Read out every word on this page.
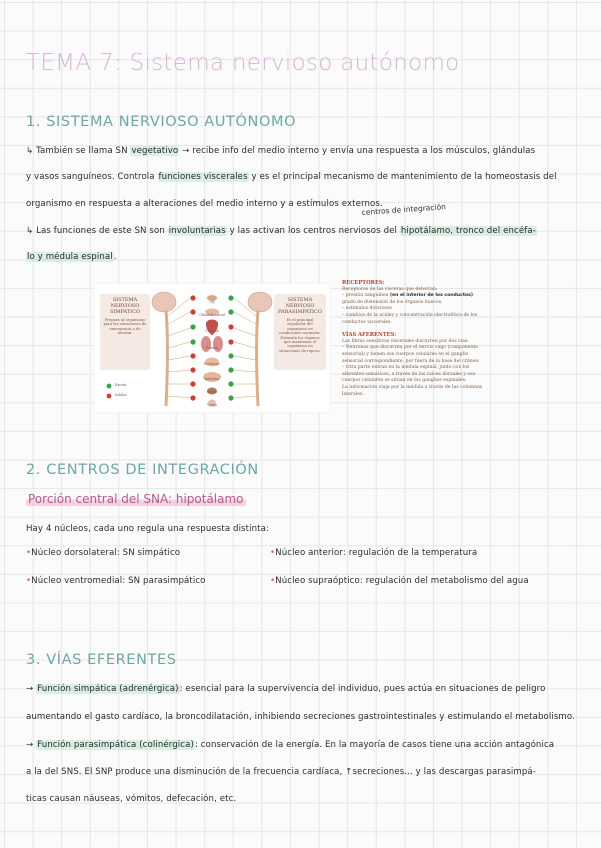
TEMA 7: Sistema nervioso autónomo
1. SISTEMA NERVIOSO AUTÓNOMO
↳ También se llama SN vegetativo → recibe info del medio interno y envía una respuesta a los músculos, glándulas
y vasos sanguíneos. Controla funciones viscerales y es el principal mecanismo de mantenimiento de la homeostasis del
organismo en respuesta a alteraciones del medio interno y a estímulos externos.
centros de integración
↳ Las funciones de este SN son involuntarias y las activan los centros nerviosos del hipotálamo, tronco del encéfa-
lo y médula espinal.
SISTEMA NERVIOSO SIMPÁTICO
Prepara al organismo para las situaciones de emergencia o de tensión.
SISTEMA NERVIOSO PARASIMPÁTICO
Es el principal regulador del organismo en condiciones normales. Estimula los órganos que mantienen el organismo en situaciones de reposo.
Excita
Inhibe
Ojo
Glándula salival
Corazón
Pulmón
Estómago
Intestino
Riñón
Vejiga

RECEPTORES:

Receptores de las vísceras que detectan:

– presión sanguínea (en el interior de los conductos)

grado de distensión de los órganos huecos.

– estímulos dolorosos

– cambios de la acidez y concentración electrolítica de los

conductos viscerales.

VÍAS AFERENTES:

Las fibras sensitivas viscerales discurren por dos vías:

– Neuronas que discurren por el nervio vago (componente

sensorial) y tienen sus cuerpos celulares en el ganglio

sensorial correspondiente, por fuera de la base del cráneo.

– Otra parte entran en la médula espinal, junto con los

aferentes somáticos, a través de las raíces dorsales y sus

cuerpos celulares se sitúan en los ganglios espinales.

La información viaja por la médula a través de las columnas

laterales.

2. CENTROS DE INTEGRACIÓN
Porción central del SNA: hipotálamo
Hay 4 núcleos, cada uno regula una respuesta distinta:
•Núcleo dorsolateral: SN simpático	•Núcleo anterior: regulación de la temperatura
•Núcleo ventromedial: SN parasimpático	•Núcleo supraóptico: regulación del metabolismo del agua
3. VÍAS EFERENTES
→ Función simpática (adrenérgica): esencial para la supervivencia del individuo, pues actúa en situaciones de peligro
aumentando el gasto cardíaco, la broncodilatación, inhibiendo secreciones gastrointestinales y estimulando el metabolismo.
→ Función parasimpática (colinérgica): conservación de la energía. En la mayoría de casos tiene una acción antagónica
a la del SNS. El SNP produce una disminución de la frecuencia cardíaca, ↑secreciones... y las descargas parasimpá-
ticas causan náuseas, vómitos, defecación, etc.
